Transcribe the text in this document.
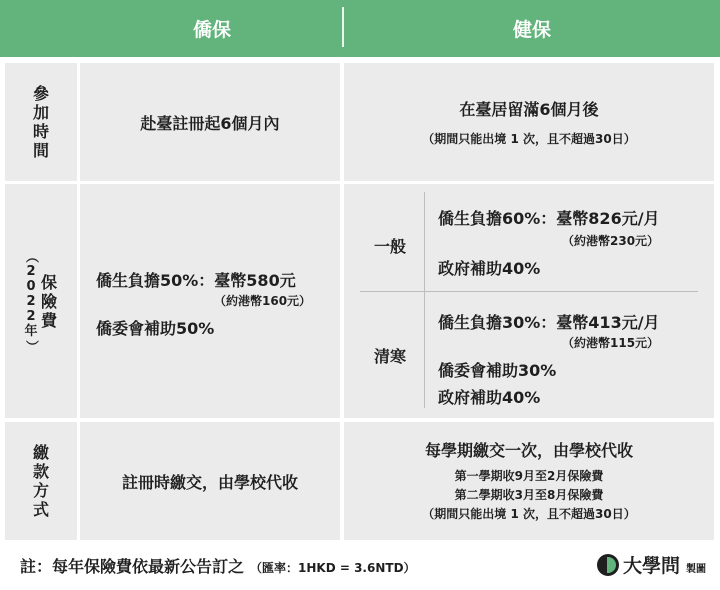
僑保	健保
參
加
時
間
赴臺註冊起6個月內
在臺居留滿6個月後
（期間只能出境 1 次，且不超過30日）
（
2
0
2
2
年
）
保
險
費
僑生負擔50%：臺幣580元
（約港幣160元）
僑委會補助50%
一般
僑生負擔60%：臺幣826元/月
（約港幣230元）
政府補助40%
清寒
僑生負擔30%：臺幣413元/月
（約港幣115元）
僑委會補助30%
政府補助40%
繳
款
方
式
註冊時繳交，由學校代收
每學期繳交一次，由學校代收
第一學期收9月至2月保險費
第二學期收3月至8月保險費
（期間只能出境 1 次，且不超過30日）
註：每年保險費依最新公告訂之 （匯率：1HKD = 3.6NTD）	大學問 製圖
